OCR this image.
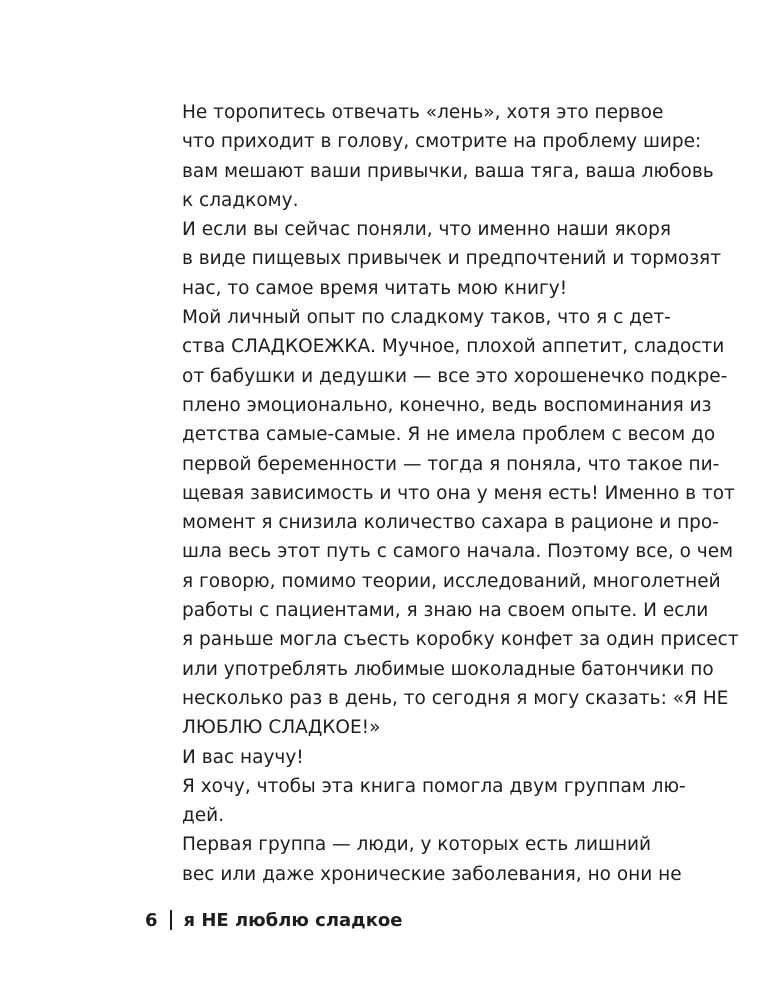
Не торопитесь отвечать «лень», хотя это первое
что приходит в голову, смотрите на проблему шире:
вам мешают ваши привычки, ваша тяга, ваша любовь
к сладкому.

И если вы сейчас поняли, что именно наши якоря
в виде пищевых привычек и предпочтений и тормозят
нас, то самое время читать мою книгу!

Мой личный опыт по сладкому таков, что я с дет-
ства СЛАДКОЕЖКА. Мучное, плохой аппетит, сладости
от бабушки и дедушки — все это хорошенечко подкре-
плено эмоционально, конечно, ведь воспоминания из
детства самые-самые. Я не имела проблем с весом до
первой беременности — тогда я поняла, что такое пи-
щевая зависимость и что она у меня есть! Именно в тот
момент я снизила количество сахара в рационе и про-
шла весь этот путь с самого начала. Поэтому все, о чем
я говорю, помимо теории, исследований, многолетней
работы с пациентами, я знаю на своем опыте. И если
я раньше могла съесть коробку конфет за один присест
или употреблять любимые шоколадные батончики по
несколько раз в день, то сегодня я могу сказать: «Я НЕ
ЛЮБЛЮ СЛАДКОЕ!»

И вас научу!

Я хочу, чтобы эта книга помогла двум группам лю-
дей.

Первая группа — люди, у которых есть лишний
вес или даже хронические заболевания, но они не

6 я НЕ люблю сладкое
